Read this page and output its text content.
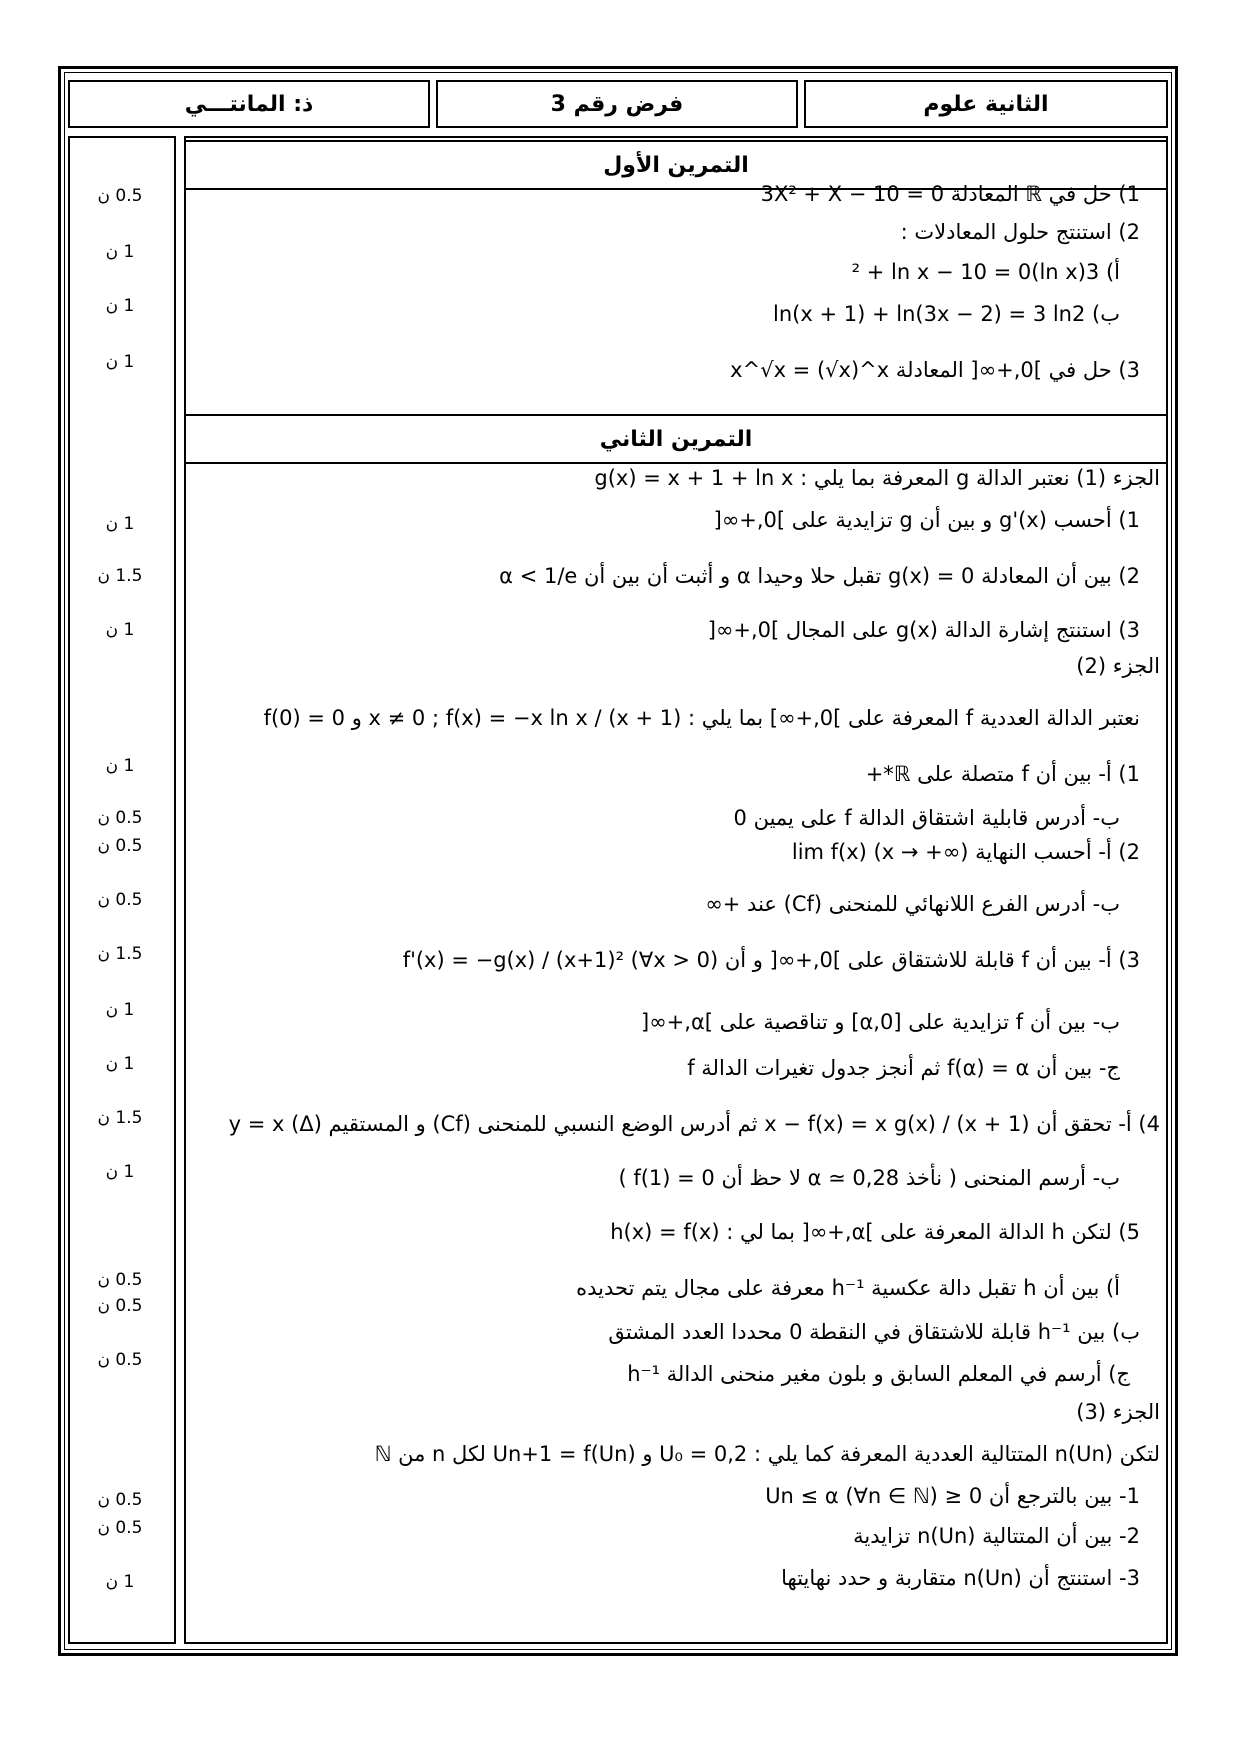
ذ: المانتـــي	فرض رقم 3	الثانية علوم
التمرين الأول
التمرين الثاني
1) حل في ℝ المعادلة 3X² + X − 10 = 0
2) استنتج حلول المعادلات :
أ) 3(ln x)² + ln x − 10 = 0
ب) ln(x + 1) + ln(3x − 2) = 3 ln2
3) حل في ]0,+∞[ المعادلة x^√x = (√x)^x
الجزء (1) نعتبر الدالة g المعرفة بما يلي : g(x) = x + 1 + ln x
1) أحسب g'(x) و بين أن g تزايدية على ]0,+∞[
2) بين أن المعادلة g(x) = 0 تقبل حلا وحيدا α و أثبت أن بين أن α < 1/e
3) استنتج إشارة الدالة g(x) على المجال ]0,+∞[
الجزء (2)
نعتبر الدالة العددية f المعرفة على ]0,+∞] بما يلي : x ≠ 0 ; f(x) = −x ln x / (x + 1) و f(0) = 0
1) أ- بين أن f متصلة على ℝ*+
ب- أدرس قابلية اشتقاق الدالة f على يمين 0
2) أ- أحسب النهاية lim f(x) (x → +∞)
ب- أدرس الفرع اللانهائي للمنحنى (Cf) عند +∞
3) أ- بين أن f قابلة للاشتقاق على ]0,+∞[ و أن f'(x) = −g(x) / (x+1)² (∀x > 0)
ب- بين أن f تزايدية على [0,α] و تناقصية على ]α,+∞[
ج- بين أن f(α) = α ثم أنجز جدول تغيرات الدالة f
4) أ- تحقق أن x − f(x) = x g(x) / (x + 1) ثم أدرس الوضع النسبي للمنحنى (Cf) و المستقيم (Δ) y = x
ب- أرسم المنحنى ( نأخذ α ≃ 0,28 لا حظ أن f(1) = 0 )
5) لتكن h الدالة المعرفة على ]α,+∞[ بما لي : h(x) = f(x)
أ) بين أن h تقبل دالة عكسية h⁻¹ معرفة على مجال يتم تحديده
ب) بين h⁻¹ قابلة للاشتقاق في النقطة 0 محددا العدد المشتق
ج) أرسم في المعلم السابق و بلون مغير منحنى الدالة h⁻¹
الجزء (3)
لتكن (Un)n المتتالية العددية المعرفة كما يلي : U₀ = 0,2 و Un+1 = f(Un) لكل n من ℕ
1- بين بالترجع أن 0 ≤ Un ≤ α (∀n ∈ ℕ)
2- بين أن المتتالية (Un)n تزايدية
3- استنتج أن (Un)n متقاربة و حدد نهايتها
0.5 ن
1 ن
1 ن
1 ن
1 ن
1.5 ن
1 ن
1 ن
0.5 ن
0.5 ن
0.5 ن
1.5 ن
1 ن
1 ن
1.5 ن
1 ن
0.5 ن
0.5 ن
0.5 ن
0.5 ن
0.5 ن
1 ن
